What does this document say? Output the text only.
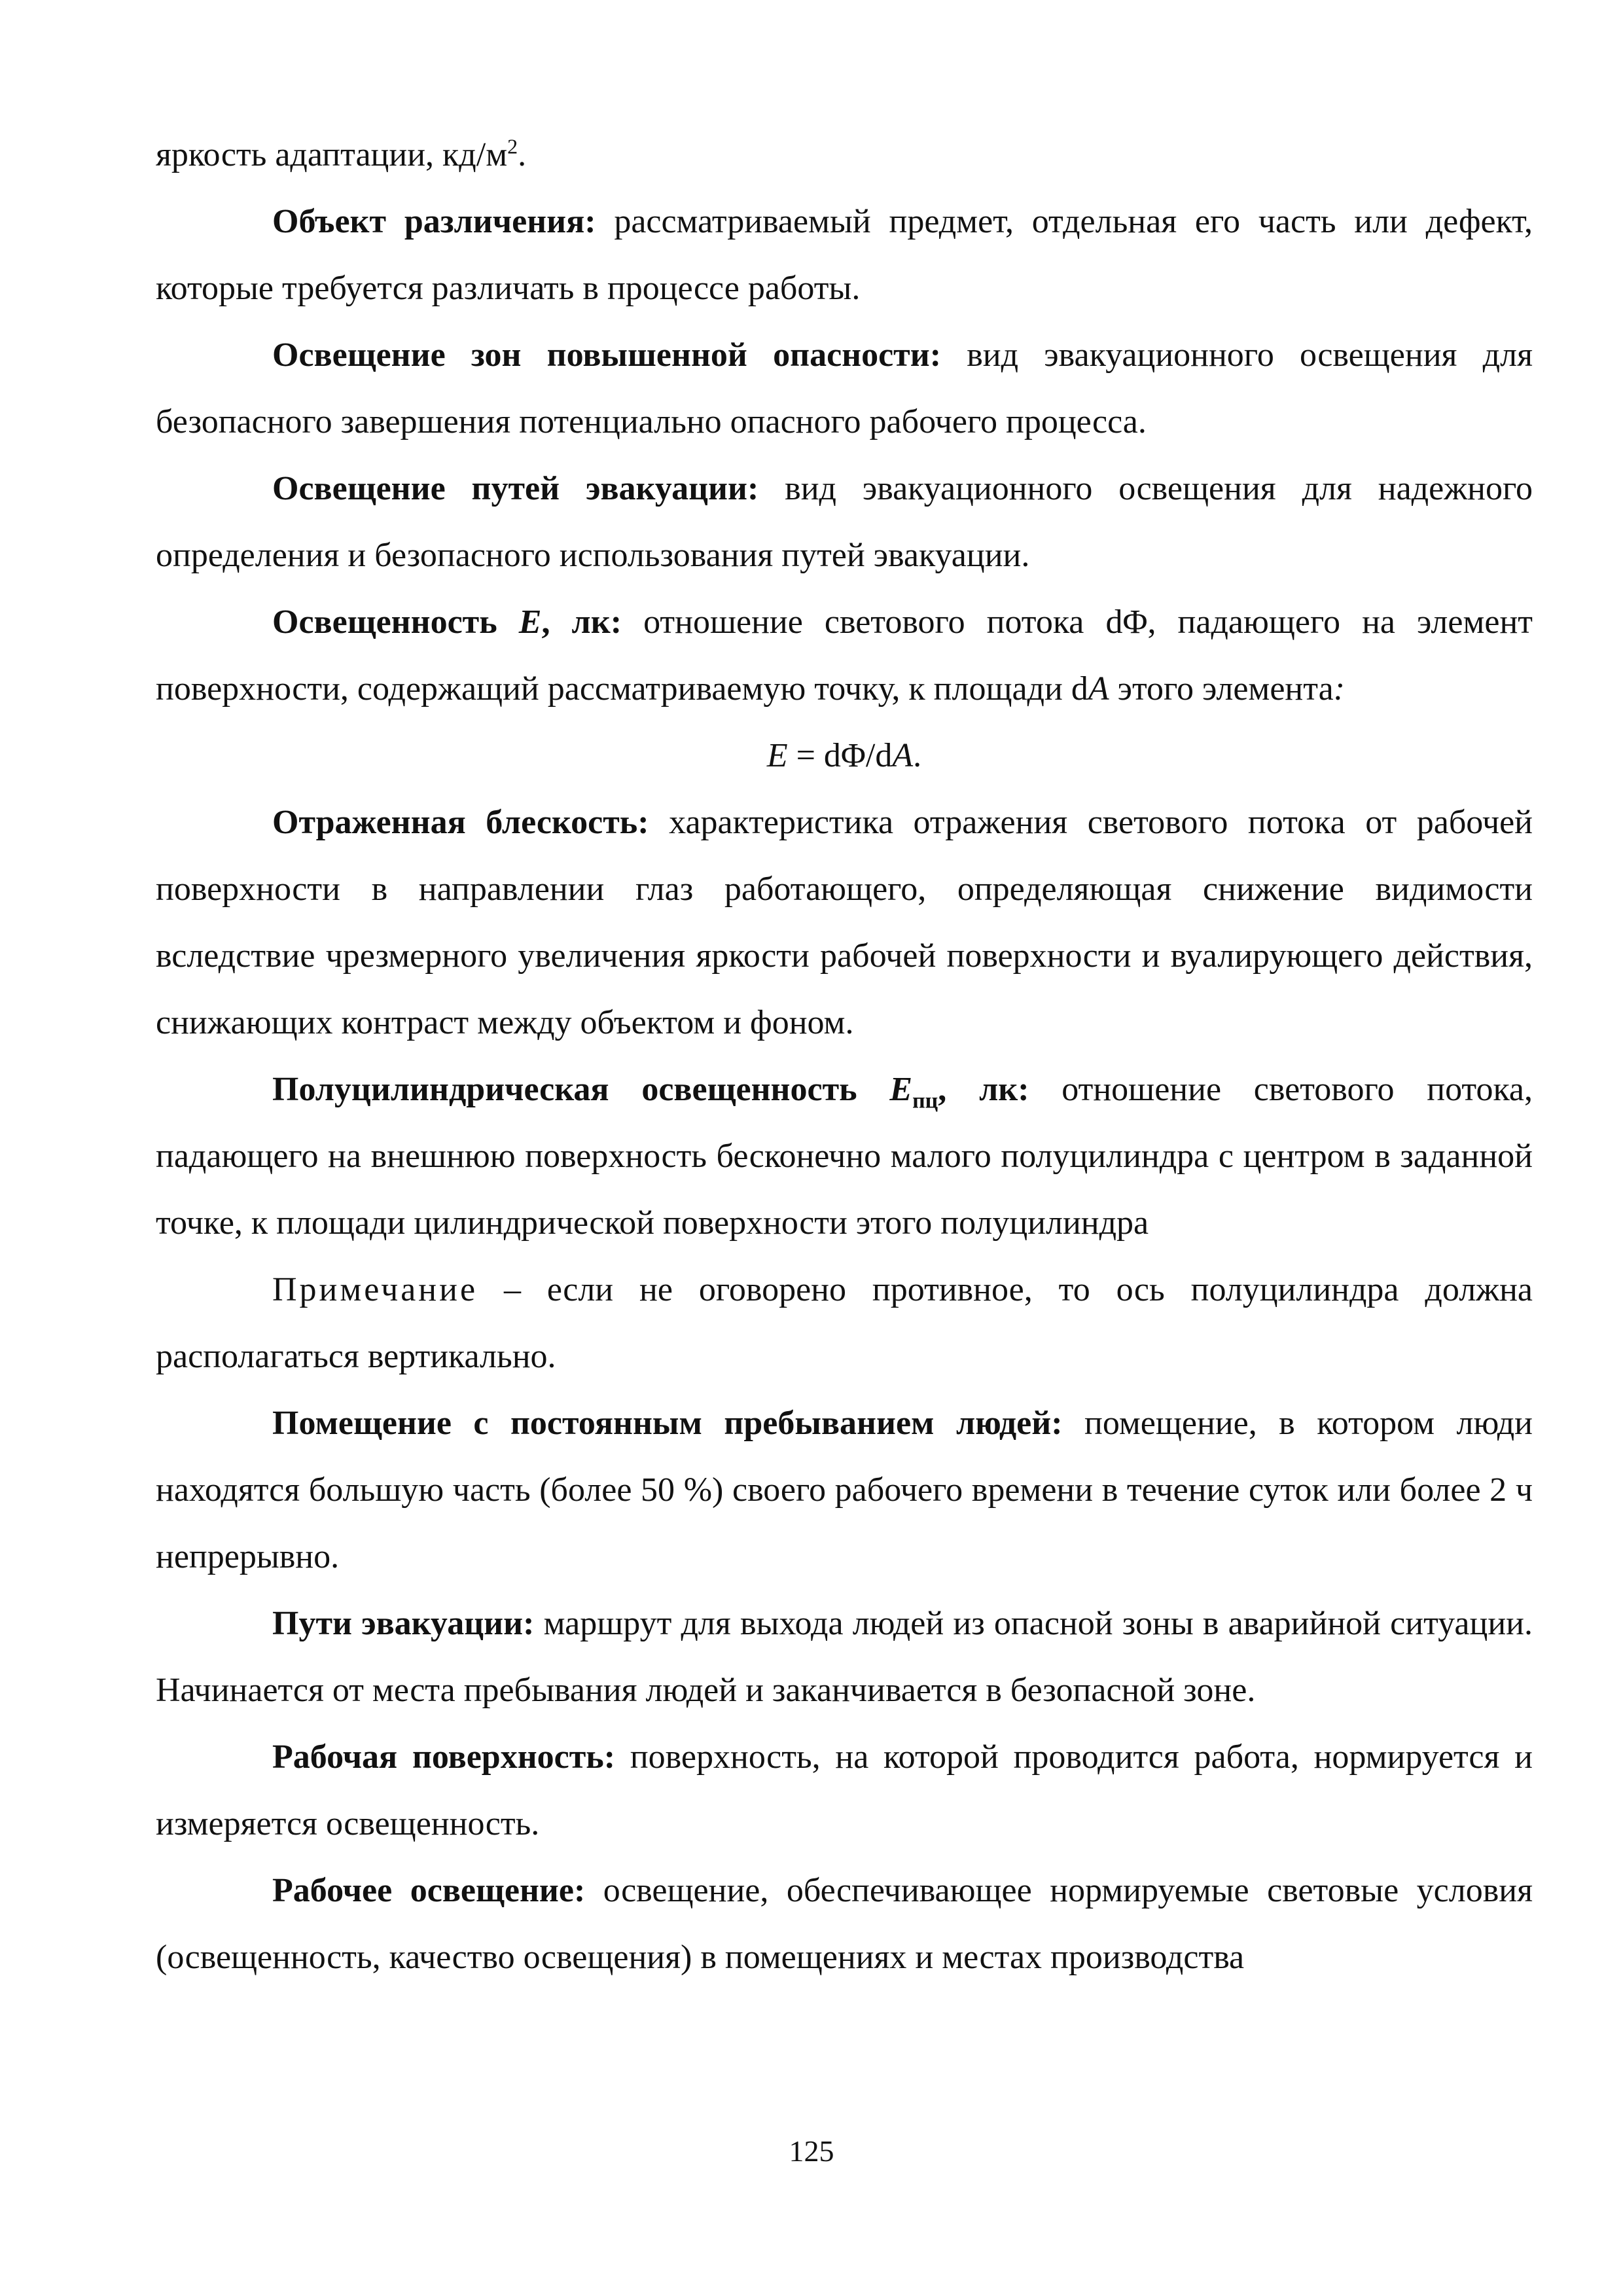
яркость адаптации, $кд/м^2$.

Объект различения: рассматриваемый предмет, отдельная его часть или дефект, которые требуется различать в процессе работы.

Освещение зон повышенной опасности: вид эвакуационного освещения для безопасного завершения потенциально опасного рабочего процесса.

Освещение путей эвакуации: вид эвакуационного освещения для надежного определения и безопасного использования путей эвакуации.

Освещенность E, лк: отношение светового потока dΦ, падающего на элемент поверхности, содержащий рассматриваемую точку, к площади dA этого элемента:

E = dΦ/dA.

Отраженная блескость: характеристика отражения светового потока от рабочей поверхности в направлении глаз работающего, определяющая снижение видимости вследствие чрезмерного увеличения яркости рабочей поверхности и вуалирующего действия, снижающих контраст между объектом и фоном.

Полуцилиндрическая освещенность $E_{пц}$, лк: отношение светового потока, падающего на внешнюю поверхность бесконечно малого полуцилиндра с центром в заданной точке, к площади цилиндрической поверхности этого полуцилиндра

Примечание – если не оговорено противное, то ось полуцилиндра должна располагаться вертикально.

Помещение с постоянным пребыванием людей: помещение, в котором люди находятся большую часть (более 50 %) своего рабочего времени в течение суток или более 2 ч непрерывно.

Пути эвакуации: маршрут для выхода людей из опасной зоны в аварийной ситуации. Начинается от места пребывания людей и заканчивается в безопасной зоне.

Рабочая поверхность: поверхность, на которой проводится работа, нормируется и измеряется освещенность.

Рабочее освещение: освещение, обеспечивающее нормируемые световые условия (освещенность, качество освещения) в помещениях и местах производства

125
